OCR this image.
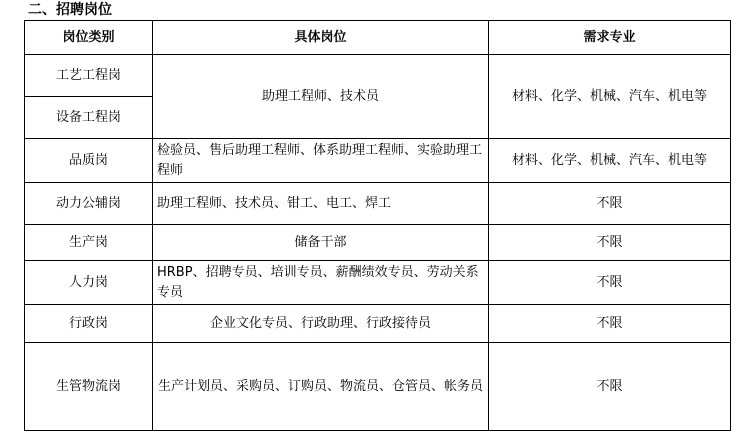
二、招聘岗位
岗位类别	具体岗位	需求专业
工艺工程岗	助理工程师、技术员	材料、化学、机械、汽车、机电等
设备工程岗		
品质岗	检验员、售后助理工程师、体系助理工程师、实验助理工程师	材料、化学、机械、汽车、机电等
动力公辅岗	助理工程师、技术员、钳工、电工、焊工	不限
生产岗	储备干部	不限
人力岗	HRBP、招聘专员、培训专员、薪酬绩效专员、劳动关系专员	不限
行政岗	企业文化专员、行政助理、行政接待员	不限
生管物流岗	生产计划员、采购员、订购员、物流员、仓管员、帐务员	不限
